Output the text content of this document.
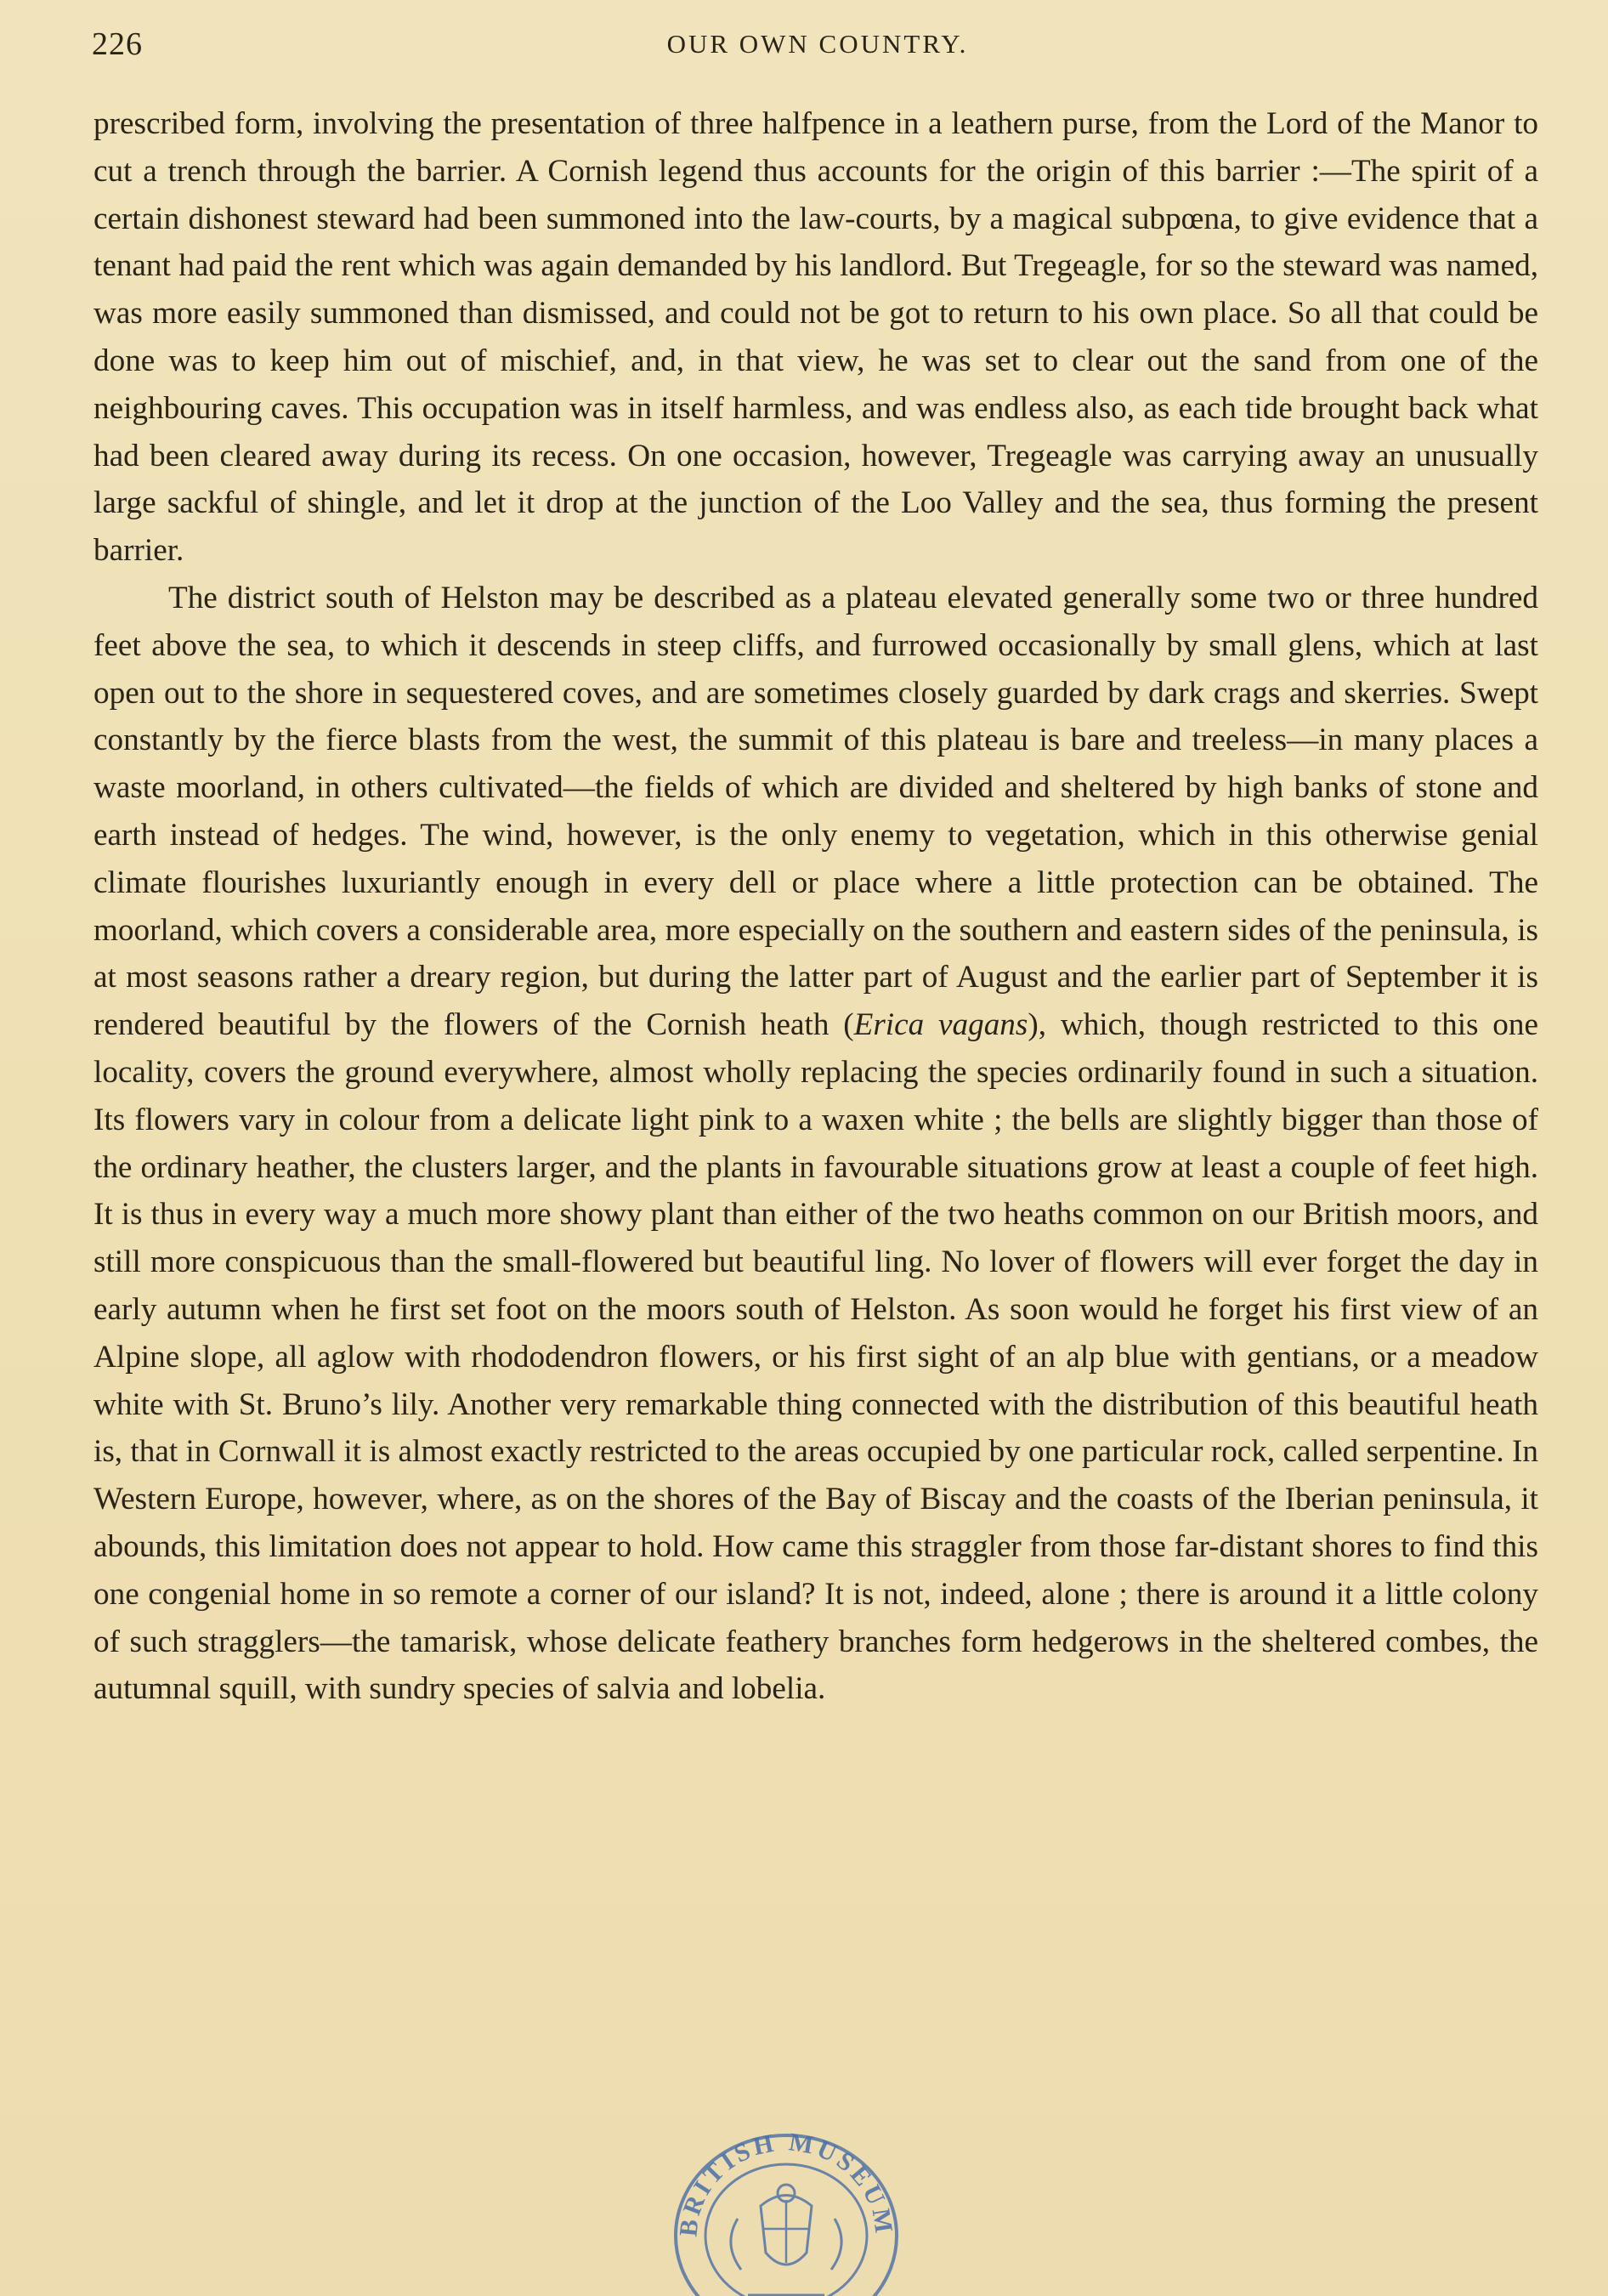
226	OUR OWN COUNTRY.

prescribed form, involving the presentation of three halfpence in a leathern purse, from the Lord of the Manor to cut a trench through the barrier. A Cornish legend thus accounts for the origin of this barrier :—The spirit of a certain dishonest steward had been summoned into the law-courts, by a magical subpœna, to give evidence that a tenant had paid the rent which was again demanded by his landlord. But Tregeagle, for so the steward was named, was more easily summoned than dismissed, and could not be got to return to his own place. So all that could be done was to keep him out of mischief, and, in that view, he was set to clear out the sand from one of the neighbouring caves. This occupation was in itself harmless, and was endless also, as each tide brought back what had been cleared away during its recess. On one occasion, however, Tregeagle was carrying away an unusually large sackful of shingle, and let it drop at the junction of the Loo Valley and the sea, thus forming the present barrier.

The district south of Helston may be described as a plateau elevated generally some two or three hundred feet above the sea, to which it descends in steep cliffs, and furrowed occasionally by small glens, which at last open out to the shore in sequestered coves, and are sometimes closely guarded by dark crags and skerries. Swept constantly by the fierce blasts from the west, the summit of this plateau is bare and treeless—in many places a waste moorland, in others cultivated—the fields of which are divided and sheltered by high banks of stone and earth instead of hedges. The wind, however, is the only enemy to vegetation, which in this otherwise genial climate flourishes luxuriantly enough in every dell or place where a little protection can be obtained. The moorland, which covers a considerable area, more especially on the southern and eastern sides of the peninsula, is at most seasons rather a dreary region, but during the latter part of August and the earlier part of September it is rendered beautiful by the flowers of the Cornish heath (Erica vagans), which, though restricted to this one locality, covers the ground everywhere, almost wholly replacing the species ordinarily found in such a situation. Its flowers vary in colour from a delicate light pink to a waxen white ; the bells are slightly bigger than those of the ordinary heather, the clusters larger, and the plants in favourable situations grow at least a couple of feet high. It is thus in every way a much more showy plant than either of the two heaths common on our British moors, and still more conspicuous than the small-flowered but beautiful ling. No lover of flowers will ever forget the day in early autumn when he first set foot on the moors south of Helston. As soon would he forget his first view of an Alpine slope, all aglow with rhododendron flowers, or his first sight of an alp blue with gentians, or a meadow white with St. Bruno’s lily. Another very remarkable thing connected with the distribution of this beautiful heath is, that in Cornwall it is almost exactly restricted to the areas occupied by one particular rock, called serpentine. In Western Europe, however, where, as on the shores of the Bay of Biscay and the coasts of the Iberian peninsula, it abounds, this limitation does not appear to hold. How came this straggler from those far-distant shores to find this one congenial home in so remote a corner of our island? It is not, indeed, alone ; there is around it a little colony of such stragglers—the tamarisk, whose delicate feathery branches form hedgerows in the sheltered combes, the autumnal squill, with sundry species of salvia and lobelia.

BRITISH MUSEUM
